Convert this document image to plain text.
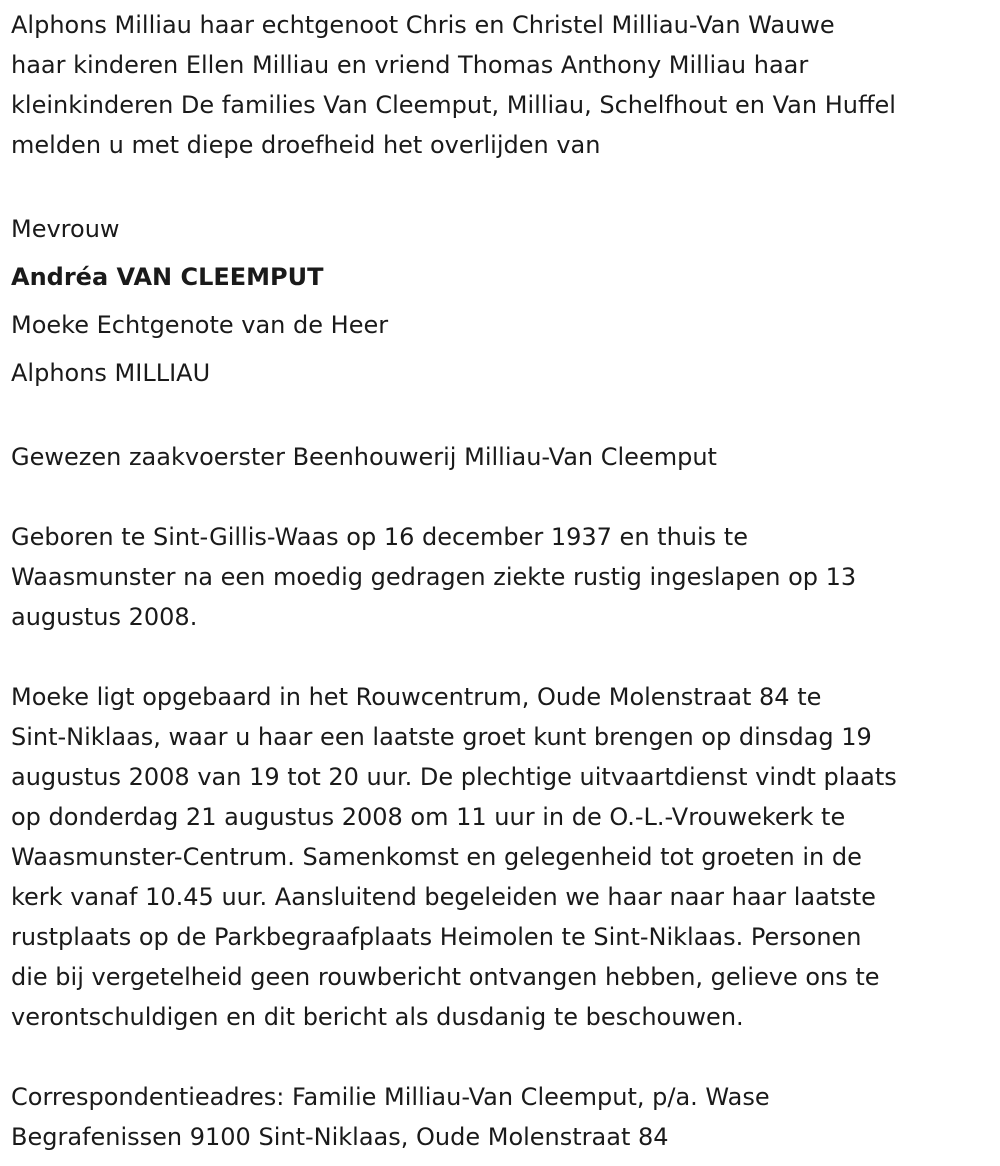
Alphons Milliau haar echtgenoot Chris en Christel Milliau-Van Wauwe

haar kinderen Ellen Milliau en vriend Thomas Anthony Milliau haar

kleinkinderen De families Van Cleemput, Milliau, Schelfhout en Van Huffel

melden u met diepe droefheid het overlijden van

Mevrouw

Andréa VAN CLEEMPUT

Moeke Echtgenote van de Heer

Alphons MILLIAU

Gewezen zaakvoerster Beenhouwerij Milliau-Van Cleemput

Geboren te Sint-Gillis-Waas op 16 december 1937 en thuis te

Waasmunster na een moedig gedragen ziekte rustig ingeslapen op 13

augustus 2008.

Moeke ligt opgebaard in het Rouwcentrum, Oude Molenstraat 84 te

Sint-Niklaas, waar u haar een laatste groet kunt brengen op dinsdag 19

augustus 2008 van 19 tot 20 uur. De plechtige uitvaartdienst vindt plaats

op donderdag 21 augustus 2008 om 11 uur in de O.-L.-Vrouwekerk te

Waasmunster-Centrum. Samenkomst en gelegenheid tot groeten in de

kerk vanaf 10.45 uur. Aansluitend begeleiden we haar naar haar laatste

rustplaats op de Parkbegraafplaats Heimolen te Sint-Niklaas. Personen

die bij vergetelheid geen rouwbericht ontvangen hebben, gelieve ons te

verontschuldigen en dit bericht als dusdanig te beschouwen.

Correspondentieadres: Familie Milliau-Van Cleemput, p/a. Wase

Begrafenissen 9100 Sint-Niklaas, Oude Molenstraat 84
